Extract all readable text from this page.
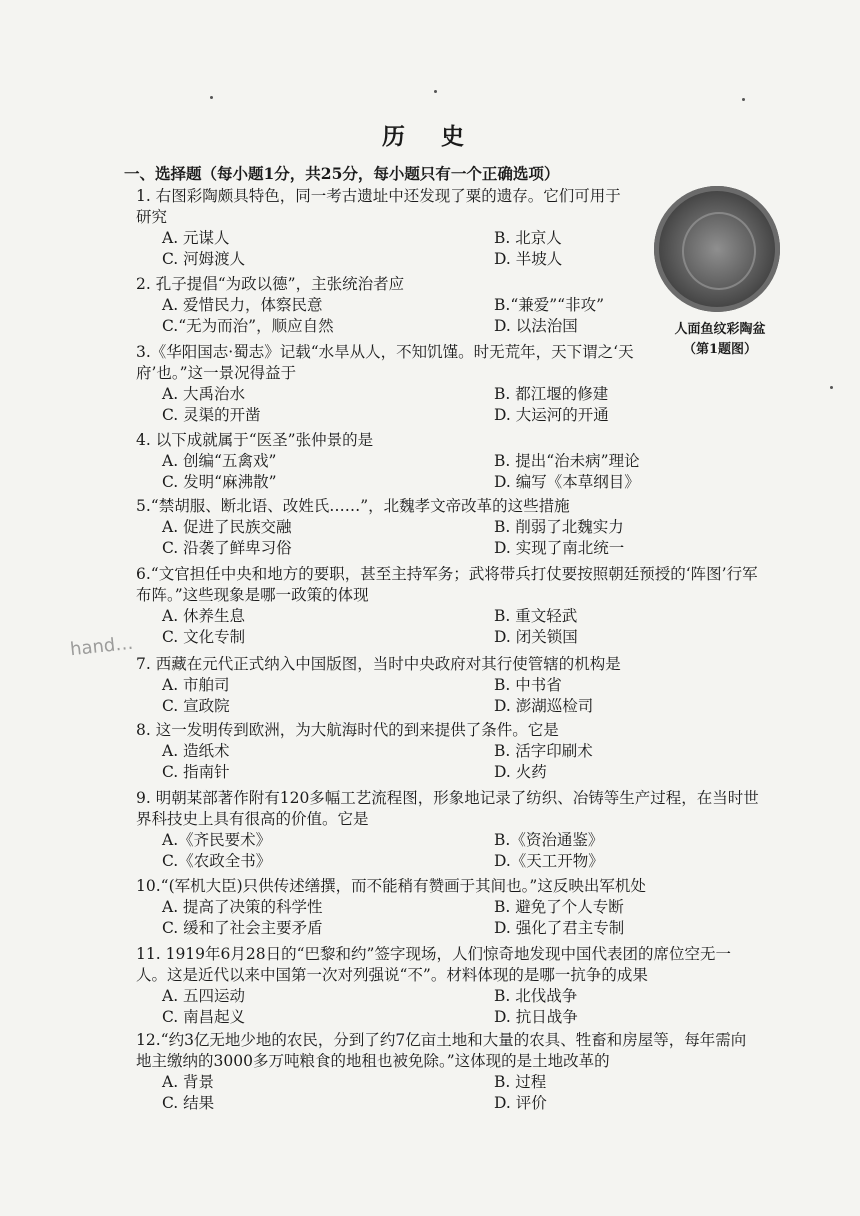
历 史
一、选择题（每小题1分，共25分，每小题只有一个正确选项）
人面鱼纹彩陶盆
（第1题图）
hand…
1. 右图彩陶颇具特色，同一考古遗址中还发现了粟的遗存。它们可用于研究
A. 元谋人	B. 北京人
C. 河姆渡人	D. 半坡人
2. 孔子提倡“为政以德”，主张统治者应
A. 爱惜民力，体察民意	B.“兼爱”“非攻”
C.“无为而治”，顺应自然	D. 以法治国
3.《华阳国志·蜀志》记载“水旱从人，不知饥馑。时无荒年，天下谓之‘天府’也。”这一景况得益于
A. 大禹治水	B. 都江堰的修建
C. 灵渠的开凿	D. 大运河的开通
4. 以下成就属于“医圣”张仲景的是
A. 创编“五禽戏”	B. 提出“治未病”理论
C. 发明“麻沸散”	D. 编写《本草纲目》
5.“禁胡服、断北语、改姓氏……”，北魏孝文帝改革的这些措施
A. 促进了民族交融	B. 削弱了北魏实力
C. 沿袭了鲜卑习俗	D. 实现了南北统一
6.“文官担任中央和地方的要职，甚至主持军务；武将带兵打仗要按照朝廷预授的‘阵图’行军布阵。”这些现象是哪一政策的体现
A. 休养生息	B. 重文轻武
C. 文化专制	D. 闭关锁国
7. 西藏在元代正式纳入中国版图，当时中央政府对其行使管辖的机构是
A. 市舶司	B. 中书省
C. 宣政院	D. 澎湖巡检司
8. 这一发明传到欧洲，为大航海时代的到来提供了条件。它是
A. 造纸术	B. 活字印刷术
C. 指南针	D. 火药
9. 明朝某部著作附有120多幅工艺流程图，形象地记录了纺织、冶铸等生产过程，在当时世界科技史上具有很高的价值。它是
A.《齐民要术》	B.《资治通鉴》
C.《农政全书》	D.《天工开物》
10.“(军机大臣)只供传述缮撰，而不能稍有赞画于其间也。”这反映出军机处
A. 提高了决策的科学性	B. 避免了个人专断
C. 缓和了社会主要矛盾	D. 强化了君主专制
11. 1919年6月28日的“巴黎和约”签字现场，人们惊奇地发现中国代表团的席位空无一人。这是近代以来中国第一次对列强说“不”。材料体现的是哪一抗争的成果
A. 五四运动	B. 北伐战争
C. 南昌起义	D. 抗日战争
12.“约3亿无地少地的农民，分到了约7亿亩土地和大量的农具、牲畜和房屋等，每年需向地主缴纳的3000多万吨粮食的地租也被免除。”这体现的是土地改革的
A. 背景	B. 过程
C. 结果	D. 评价
